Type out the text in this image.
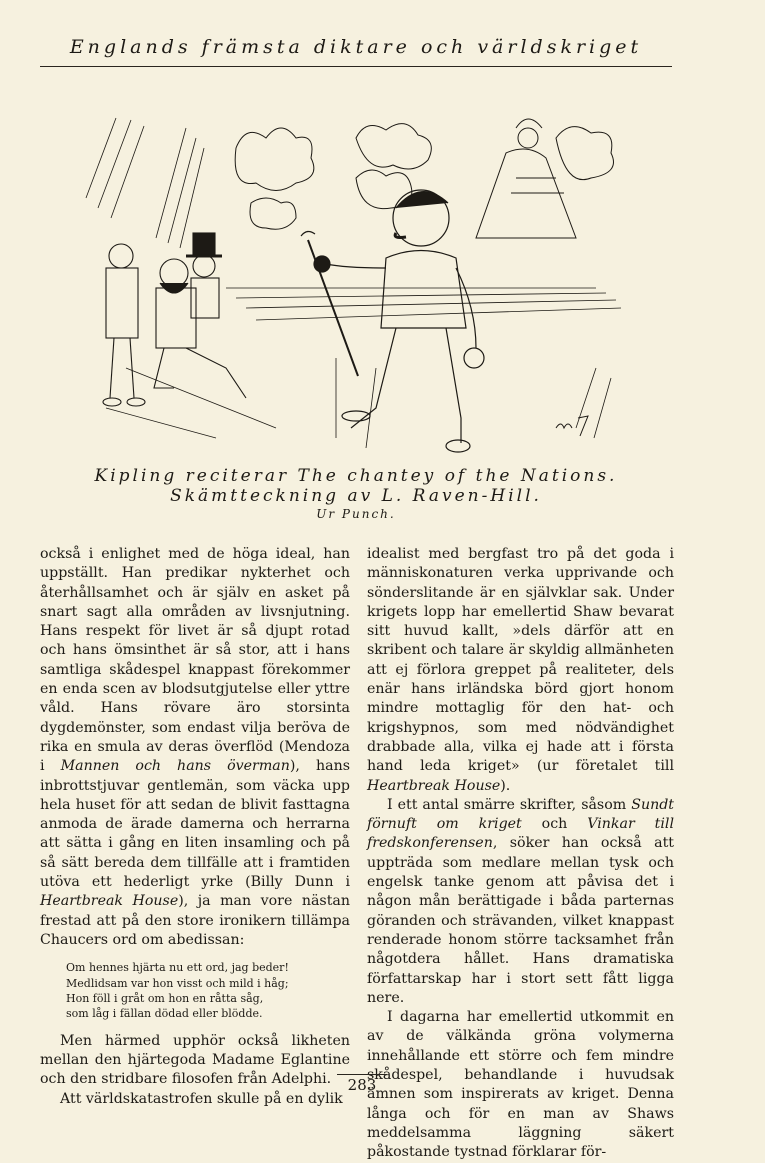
Englands främsta diktare och världskriget
Kipling reciterar The chantey of the Nations.
Skämtteckning av L. Raven-Hill.
Ur Punch.

också i enlighet med de höga ideal, han uppställt. Han predikar nykterhet och återhållsamhet och är själv en asket på snart sagt alla områden av livsnjutning. Hans respekt för livet är så djupt rotad och hans ömsinthet är så stor, att i hans samtliga skådespel knappast förekommer en enda scen av blodsutgjutelse eller yttre våld. Hans rövare äro storsinta dygdemönster, som endast vilja beröva de rika en smula av deras överflöd (Mendoza i Mannen och hans överman), hans inbrottstjuvar gentlemän, som väcka upp hela huset för att sedan de blivit fasttagna anmoda de ärade damerna och herrarna att sätta i gång en liten insamling och på så sätt bereda dem tillfälle att i framtiden utöva ett hederligt yrke (Billy Dunn i Heartbreak House), ja man vore nästan frestad att på den store ironikern tillämpa Chaucers ord om abedissan:

Om hennes hjärta nu ett ord, jag beder!
Medlidsam var hon visst och mild i håg;
Hon föll i gråt om hon en råtta såg,
som låg i fällan dödad eller blödde.

Men härmed upphör också likheten mellan den hjärtegoda Madame Eglantine och den stridbare filosofen från Adelphi.

Att världskatastrofen skulle på en dylik

idealist med bergfast tro på det goda i människonaturen verka upprivande och sönderslitande är en självklar sak. Under krigets lopp har emellertid Shaw bevarat sitt huvud kallt, »dels därför att en skribent och talare är skyldig allmänheten att ej förlora greppet på realiteter, dels enär hans irländska börd gjort honom mindre mottaglig för den hat- och krigshypnos, som med nödvändighet drabbade alla, vilka ej hade att i första hand leda kriget» (ur företalet till Heartbreak House).

I ett antal smärre skrifter, såsom Sundt förnuft om kriget och Vinkar till fredskonferensen, söker han också att uppträda som medlare mellan tysk och engelsk tanke genom att påvisa det i någon mån berättigade i båda parternas göranden och strävanden, vilket knappast renderade honom större tacksamhet från någotdera hållet. Hans dramatiska författarskap har i stort sett fått ligga nere.

I dagarna har emellertid utkommit en av de välkända gröna volymerna innehållande ett större och fem mindre skådespel, behandlande i huvudsak ämnen som inspirerats av kriget. Denna långa och för en man av Shaws meddelsamma läggning säkert påkostande tystnad förklarar för-

283
